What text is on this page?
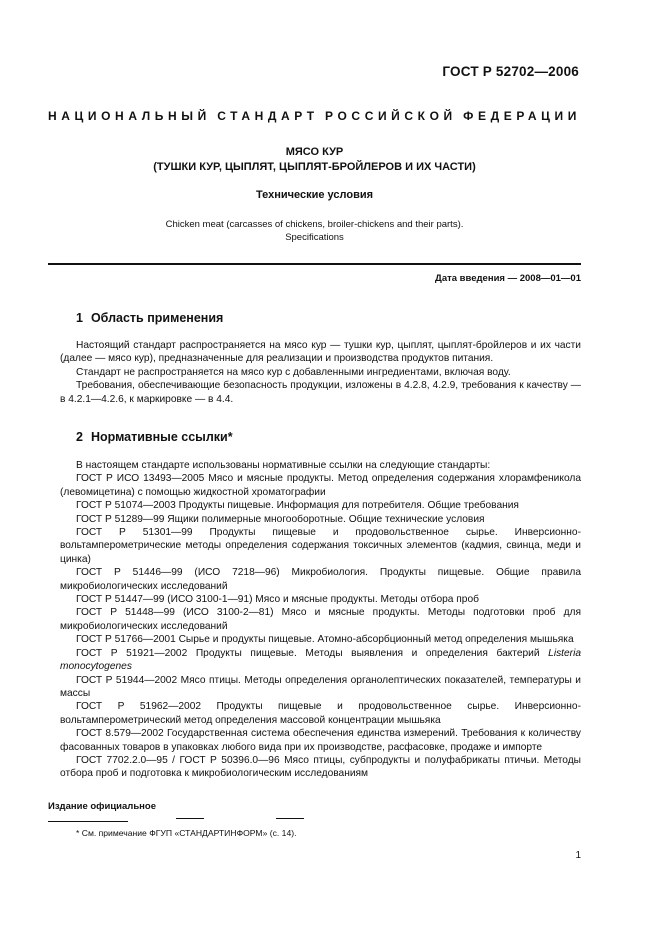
ГОСТ Р 52702—2006
НАЦИОНАЛЬНЫЙ СТАНДАРТ РОССИЙСКОЙ ФЕДЕРАЦИИ
МЯСО КУР
(ТУШКИ КУР, ЦЫПЛЯТ, ЦЫПЛЯТ-БРОЙЛЕРОВ И ИХ ЧАСТИ)
Технические условия
Chicken meat (carcasses of chickens, broiler-chickens and their parts).
Specifications
Дата введения — 2008—01—01
1 Область применения

Настоящий стандарт распространяется на мясо кур — тушки кур, цыплят, цыплят-бройлеров и их части (далее — мясо кур), предназначенные для реализации и производства продуктов питания.

Стандарт не распространяется на мясо кур с добавленными ингредиентами, включая воду.

Требования, обеспечивающие безопасность продукции, изложены в 4.2.8, 4.2.9, требования к качеству — в 4.2.1—4.2.6, к маркировке — в 4.4.

2 Нормативные ссылки*

В настоящем стандарте использованы нормативные ссылки на следующие стандарты:

ГОСТ Р ИСО 13493—2005 Мясо и мясные продукты. Метод определения содержания хлорамфеникола (левомицетина) с помощью жидкостной хроматографии

ГОСТ Р 51074—2003 Продукты пищевые. Информация для потребителя. Общие требования

ГОСТ Р 51289—99 Ящики полимерные многооборотные. Общие технические условия

ГОСТ Р 51301—99 Продукты пищевые и продовольственное сырье. Инверсионно-вольтамперометрические методы определения содержания токсичных элементов (кадмия, свинца, меди и цинка)

ГОСТ Р 51446—99 (ИСО 7218—96) Микробиология. Продукты пищевые. Общие правила микробиологических исследований

ГОСТ Р 51447—99 (ИСО 3100-1—91) Мясо и мясные продукты. Методы отбора проб

ГОСТ Р 51448—99 (ИСО 3100-2—81) Мясо и мясные продукты. Методы подготовки проб для микробиологических исследований

ГОСТ Р 51766—2001 Сырье и продукты пищевые. Атомно-абсорбционный метод определения мышьяка

ГОСТ Р 51921—2002 Продукты пищевые. Методы выявления и определения бактерий Listeria monocytogenes

ГОСТ Р 51944—2002 Мясо птицы. Методы определения органолептических показателей, температуры и массы

ГОСТ Р 51962—2002 Продукты пищевые и продовольственное сырье. Инверсионно-вольтамперометрический метод определения массовой концентрации мышьяка

ГОСТ 8.579—2002 Государственная система обеспечения единства измерений. Требования к количеству фасованных товаров в упаковках любого вида при их производстве, расфасовке, продаже и импорте

ГОСТ 7702.2.0—95 / ГОСТ Р 50396.0—96 Мясо птицы, субпродукты и полуфабрикаты птичьи. Методы отбора проб и подготовка к микробиологическим исследованиям

Издание официальное
* См. примечание ФГУП «СТАНДАРТИНФОРМ» (с. 14).
1
